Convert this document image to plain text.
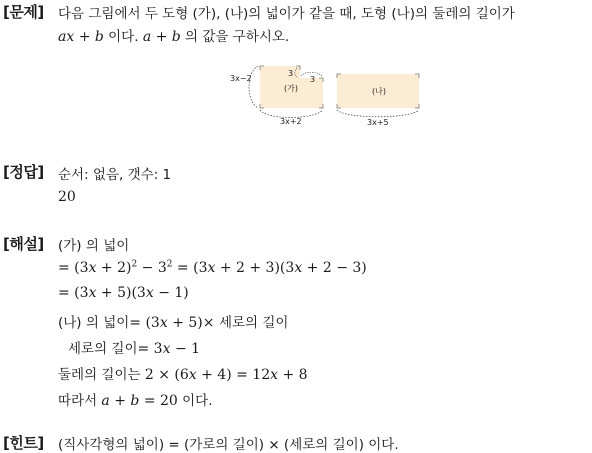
[문제] 다음 그림에서 두 도형 (가), (나)의 넓이가 같을 때, 도형 (나)의 둘레의 길이가
ax + b 이다. a + b 의 값을 구하시오.
3x−2
3
3
(가)
3x+2
(나)
3x+5
[정답] 순서: 없음, 갯수: 1
20
[해설] (가) 의 넓이
= $(3x + 2)^2 - 3^2 = (3x + 2 + 3)(3x + 2 - 3)$
= (3x + 5)(3x − 1)
(나) 의 넓이= (3x + 5)× 세로의 길이
세로의 길이= 3x − 1
둘레의 길이는 2 × (6x + 4) = 12x + 8
따라서 a + b = 20 이다.
[힌트] (직사각형의 넓이) = (가로의 길이) × (세로의 길이) 이다.
